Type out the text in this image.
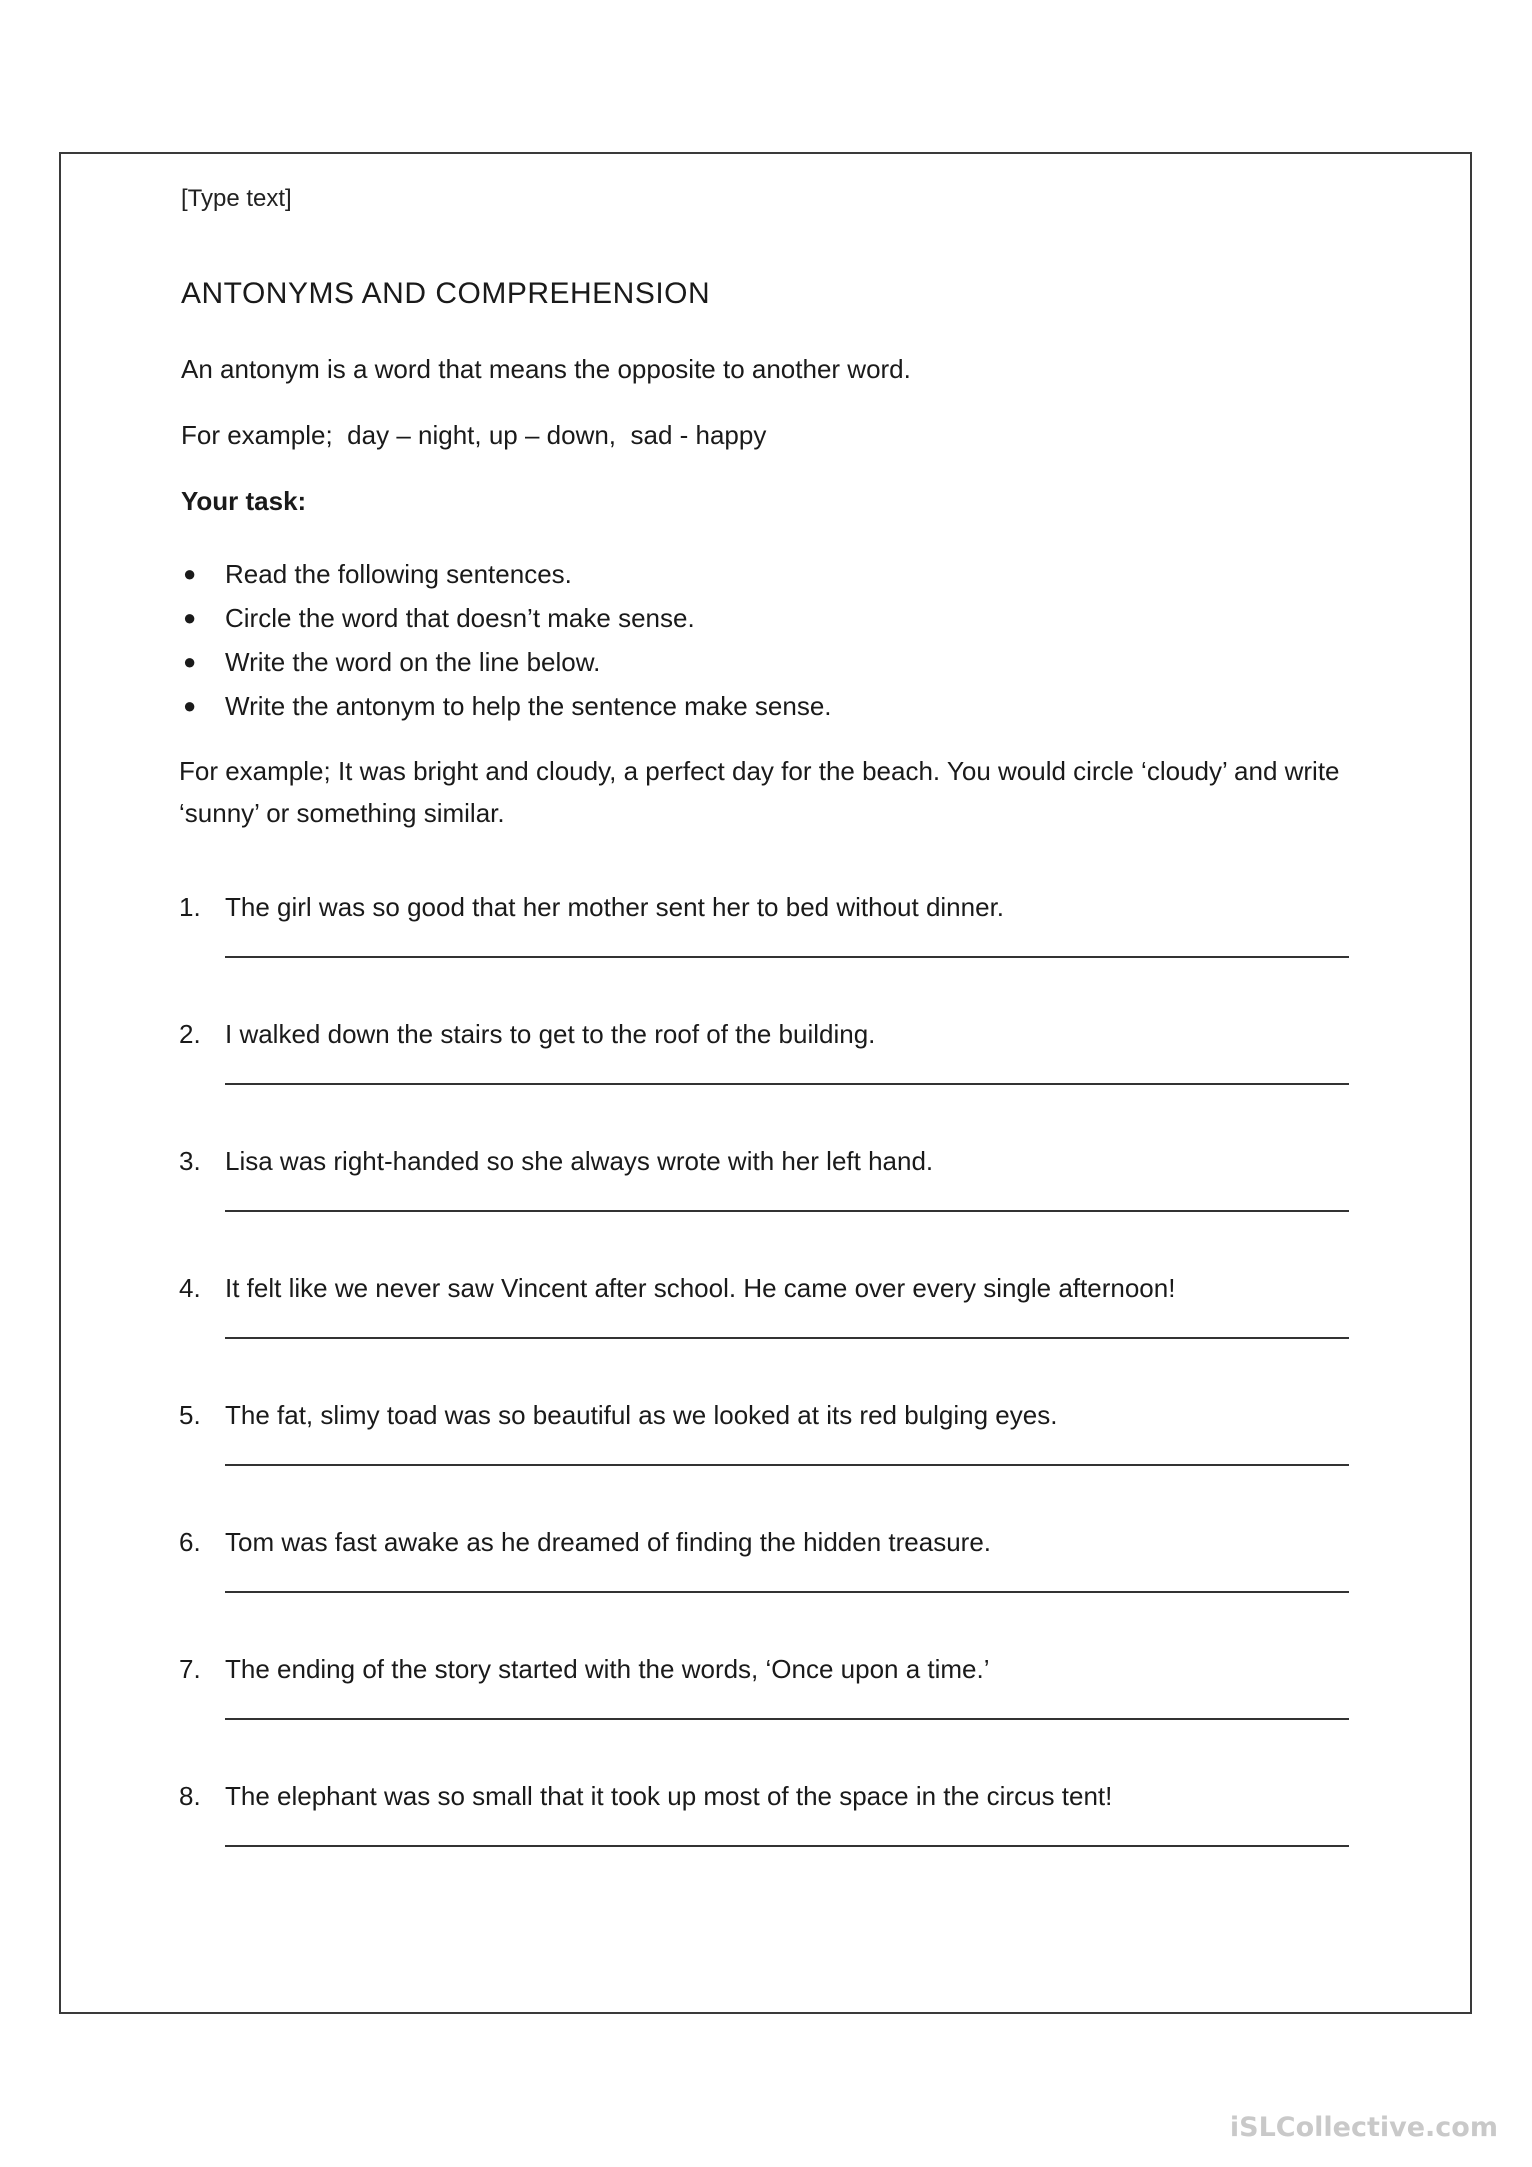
[Type text]
ANTONYMS AND COMPREHENSION
An antonym is a word that means the opposite to another word.
For example;  day – night, up – down,  sad - happy
Your task:
● Read the following sentences.
● Circle the word that doesn’t make sense.
● Write the word on the line below.
● Write the antonym to help the sentence make sense.
For example; It was bright and cloudy, a perfect day for the beach. You would circle ‘cloudy’ and write ‘sunny’ or something similar.
1. The girl was so good that her mother sent her to bed without dinner.
2. I walked down the stairs to get to the roof of the building.
3. Lisa was right-handed so she always wrote with her left hand.
4. It felt like we never saw Vincent after school. He came over every single afternoon!
5. The fat, slimy toad was so beautiful as we looked at its red bulging eyes.
6. Tom was fast awake as he dreamed of finding the hidden treasure.
7. The ending of the story started with the words, ‘Once upon a time.’
8. The elephant was so small that it took up most of the space in the circus tent!
iSLCollective.com
